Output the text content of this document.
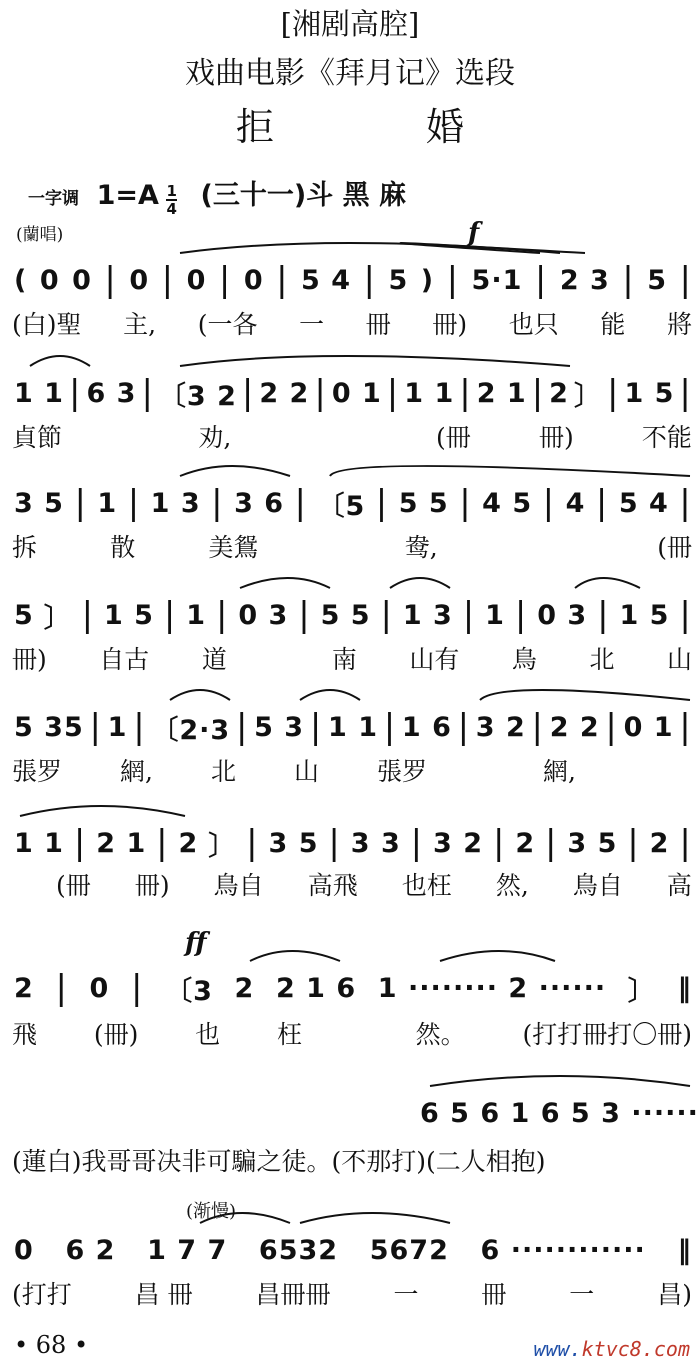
[湘剧高腔]
戏曲电影《拜月记》选段
拒 婚
一字调 $1=A \frac{1}{4}$ (三十一)斗 黑 麻
(蘭唱)	f
ff
(渐慢)
( 0 0 | 0 | 0 | 0 | 5 4 | 5 ) | 5·1 | 2 3 | 5 |
(白)聖 主, (一各 一 冊 冊) 也只 能 將
1 1 | 6 3 | 〔3 2 | 2 2 | 0 1 | 1 1 | 2 1 | 2 〕 | 1 5 |
貞節	劝,	(冊	冊)	不能
3 5 | 1 | 1 3 | 3 6 | 〔5 | 5 5 | 4 5 | 4 | 5 4 |
拆	散	美鴛	鸯,	(冊
5 〕 | 1 5 | 1 | 0 3 | 5 5 | 1 3 | 1 | 0 3 | 1 5 |
冊) 自古 道	南 山有 鳥 北 山
5 35 | 1 | 〔2·3 | 5 3 | 1 1 | 1 6 | 3 2 | 2 2 | 0 1 |
張罗 網, 北 山 張罗	網,
1 1 | 2 1 | 2 〕 | 3 5 | 3 3 | 3 2 | 2 | 3 5 | 2 |
(冊 冊) 鳥自 高飛 也枉 然, 鳥自 高
2 | 0 | 〔3 2 2 1 6 1 ········ 2 ······ 〕 ‖
飛 (冊) 也 枉	然。 (打打冊打〇冊)
6 5 6 1 6 5 3 ······
(蓮白)我哥哥决非可騙之徒。(不那打)(二人相抱)
0 6 2 1 7 7 6532 5672 6 ············ ‖
(打打	昌 冊	昌冊冊	一	冊	一	昌)
• 68 •	www.ktvc8.com
